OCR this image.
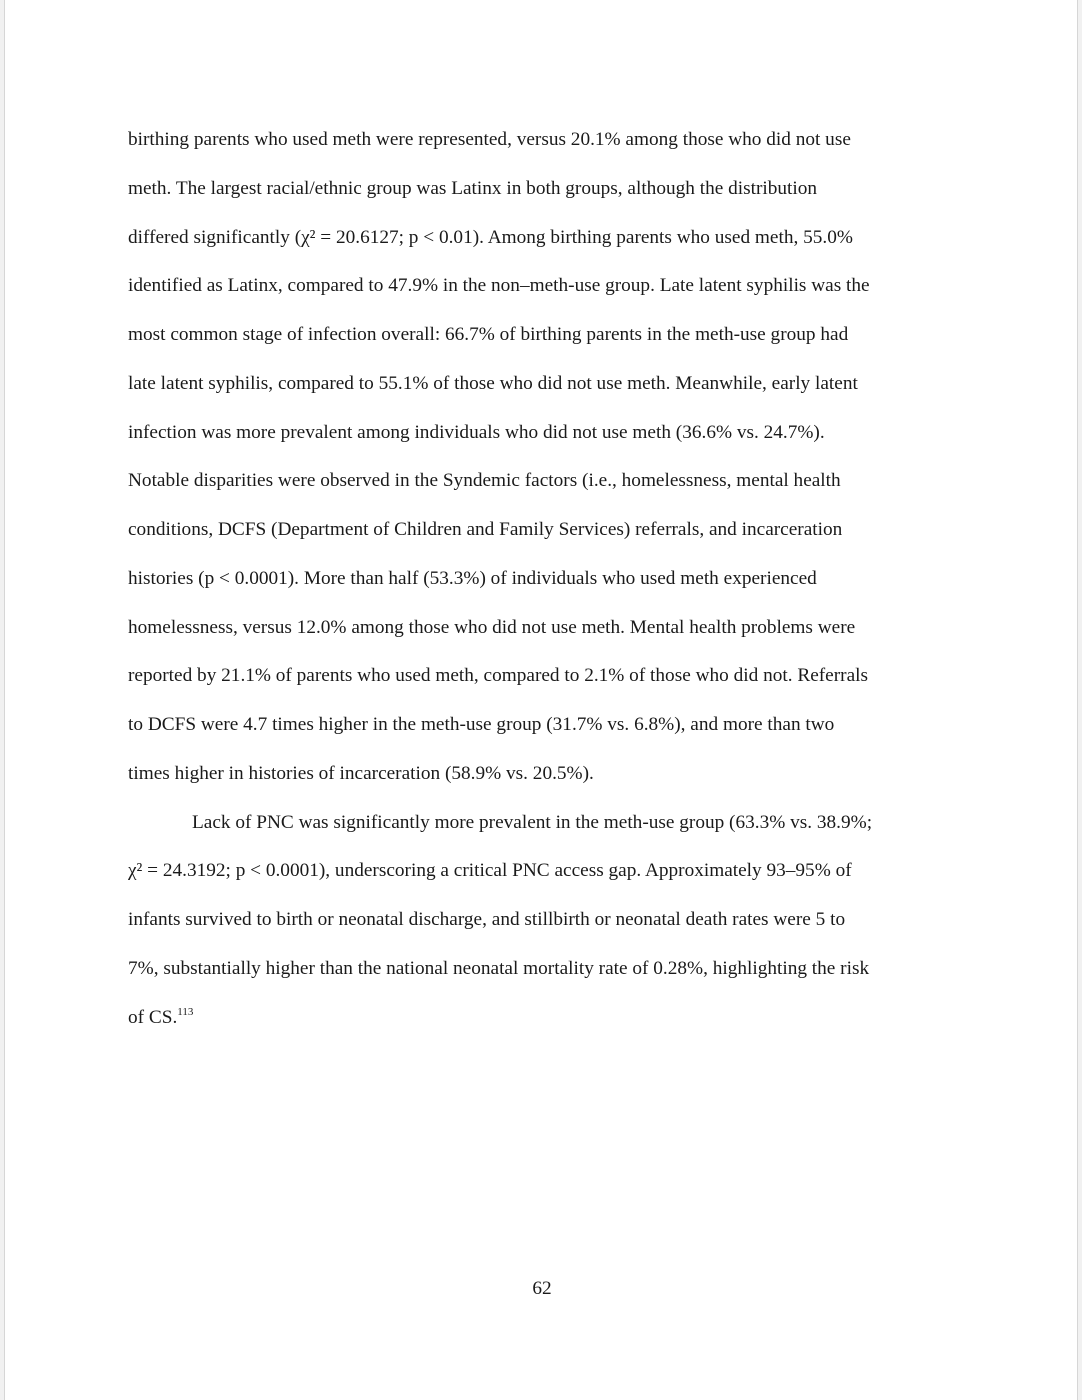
birthing parents who used meth were represented, versus 20.1% among those who did not use
meth. The largest racial/ethnic group was Latinx in both groups, although the distribution
differed significantly (χ² = 20.6127; p < 0.01). Among birthing parents who used meth, 55.0%
identified as Latinx, compared to 47.9% in the non–meth-use group. Late latent syphilis was the
most common stage of infection overall: 66.7% of birthing parents in the meth-use group had
late latent syphilis, compared to 55.1% of those who did not use meth. Meanwhile, early latent
infection was more prevalent among individuals who did not use meth (36.6% vs. 24.7%).
Notable disparities were observed in the Syndemic factors (i.e., homelessness, mental health
conditions, DCFS (Department of Children and Family Services) referrals, and incarceration
histories (p < 0.0001). More than half (53.3%) of individuals who used meth experienced
homelessness, versus 12.0% among those who did not use meth. Mental health problems were
reported by 21.1% of parents who used meth, compared to 2.1% of those who did not. Referrals
to DCFS were 4.7 times higher in the meth-use group (31.7% vs. 6.8%), and more than two
times higher in histories of incarceration (58.9% vs. 20.5%).
Lack of PNC was significantly more prevalent in the meth-use group (63.3% vs. 38.9%;
χ² = 24.3192; p < 0.0001), underscoring a critical PNC access gap. Approximately 93–95% of
infants survived to birth or neonatal discharge, and stillbirth or neonatal death rates were 5 to
7%, substantially higher than the national neonatal mortality rate of 0.28%, highlighting the risk
of CS.$^{113}$
62
